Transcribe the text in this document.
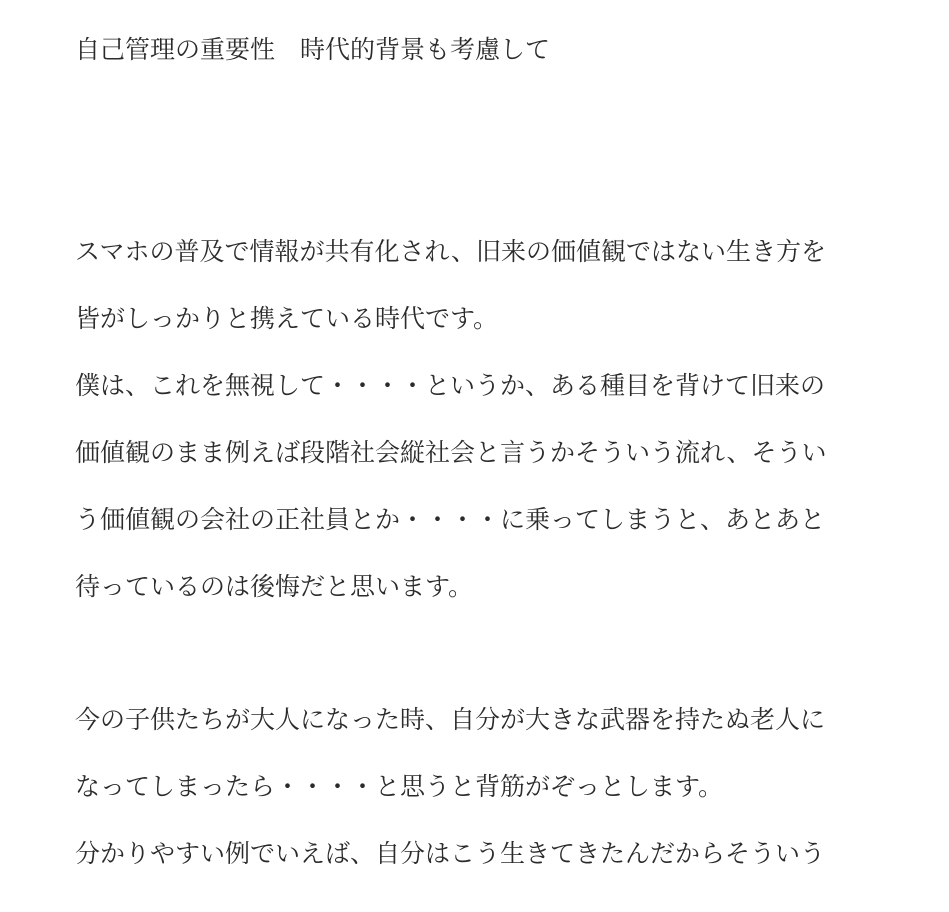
自己管理の重要性　時代的背景も考慮して
スマホの普及で情報が共有化され、旧来の価値観ではない生き方を
皆がしっかりと携えている時代です。
僕は、これを無視して・・・・というか、ある種目を背けて旧来の
価値観のまま例えば段階社会縦社会と言うかそういう流れ、そうい
う価値観の会社の正社員とか・・・・に乗ってしまうと、あとあと
待っているのは後悔だと思います。
今の子供たちが大人になった時、自分が大きな武器を持たぬ老人に
なってしまったら・・・・と思うと背筋がぞっとします。
分かりやすい例でいえば、自分はこう生きてきたんだからそういう
